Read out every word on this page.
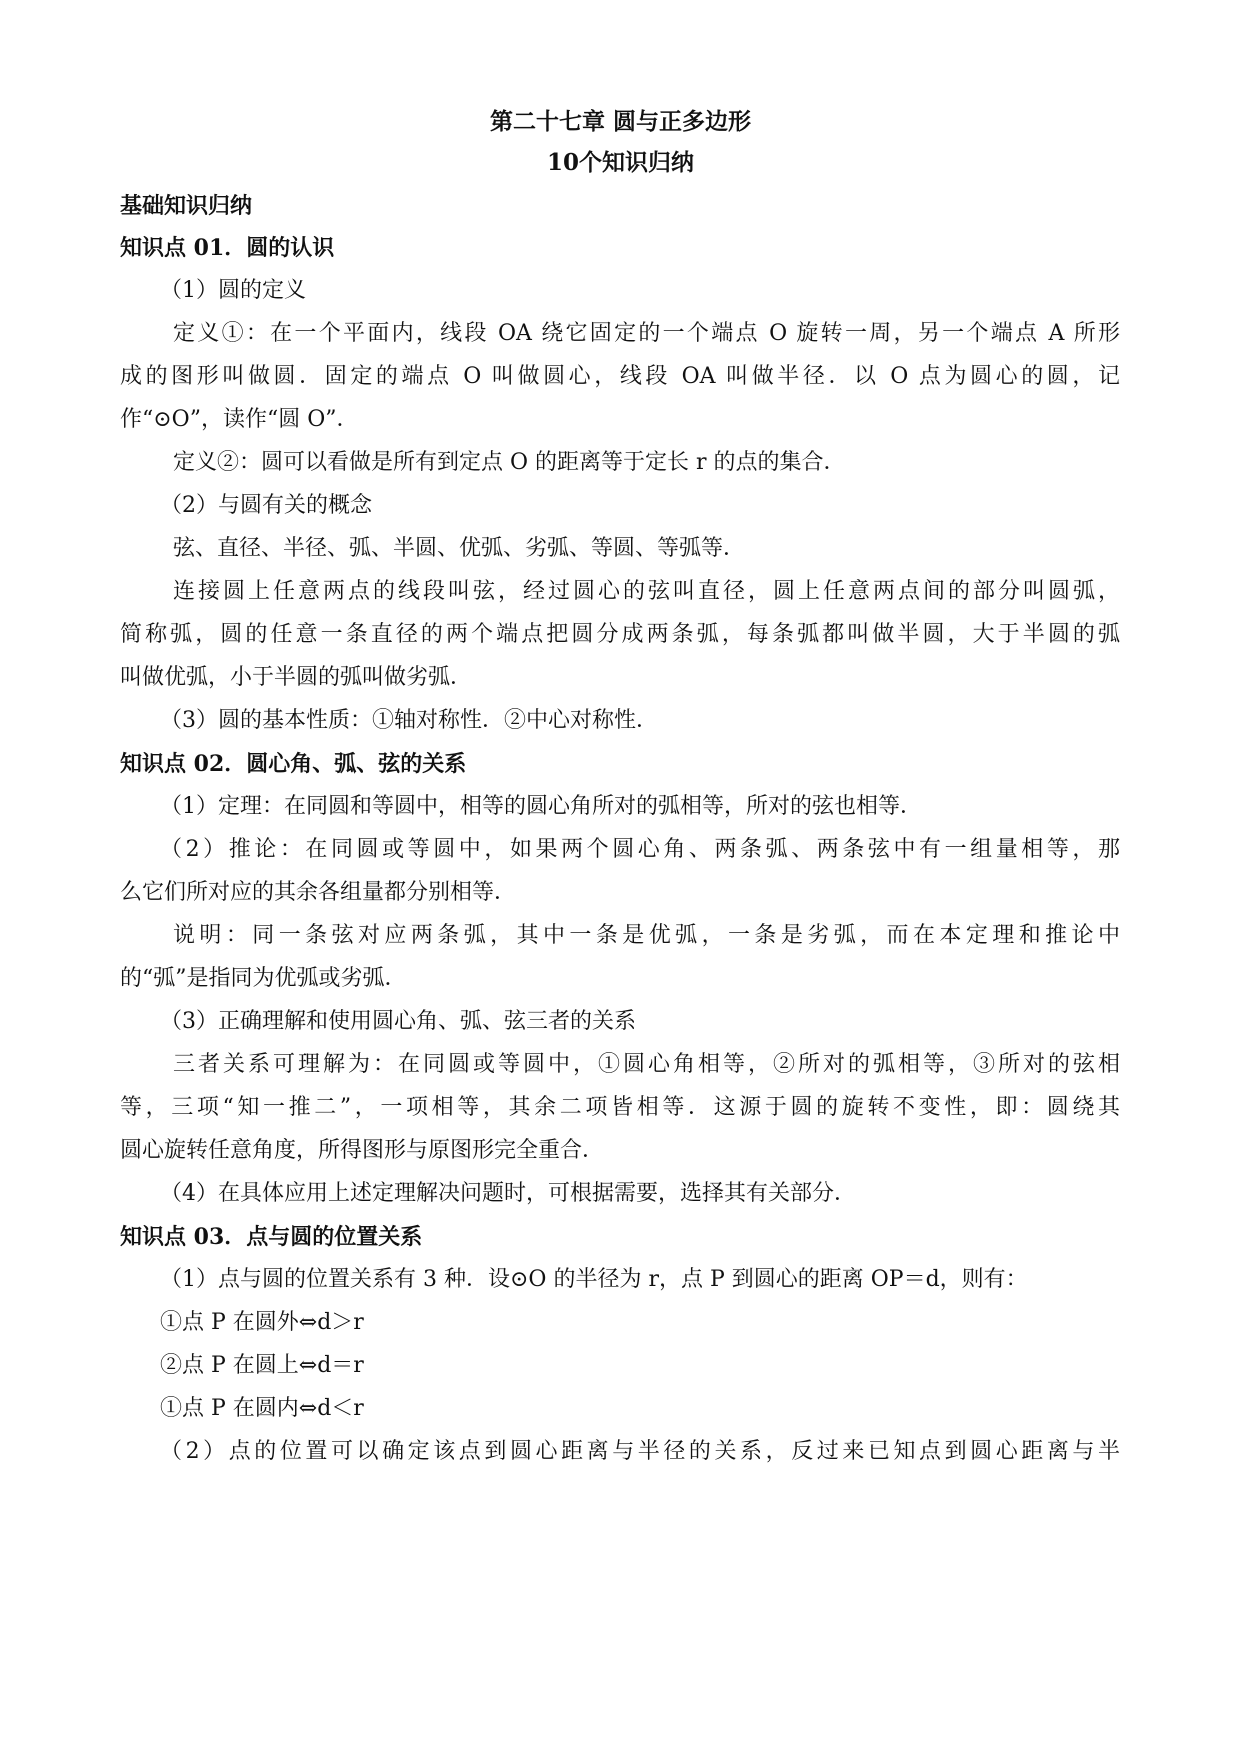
第二十七章 圆与正多边形
10个知识归纳
基础知识归纳
知识点 01．圆的认识
（1）圆的定义
定义①：在一个平面内，线段 OA 绕它固定的一个端点 O 旋转一周，另一个端点 A 所形
成的图形叫做圆．固定的端点 O 叫做圆心，线段 OA 叫做半径．以 O 点为圆心的圆，记
作“⊙O”，读作“圆 O”．
定义②：圆可以看做是所有到定点 O 的距离等于定长 r 的点的集合．
（2）与圆有关的概念
弦、直径、半径、弧、半圆、优弧、劣弧、等圆、等弧等．
连接圆上任意两点的线段叫弦，经过圆心的弦叫直径，圆上任意两点间的部分叫圆弧，
简称弧，圆的任意一条直径的两个端点把圆分成两条弧，每条弧都叫做半圆，大于半圆的弧
叫做优弧，小于半圆的弧叫做劣弧．
（3）圆的基本性质：①轴对称性．②中心对称性．
知识点 02．圆心角、弧、弦的关系
（1）定理：在同圆和等圆中，相等的圆心角所对的弧相等，所对的弦也相等．
（2）推论：在同圆或等圆中，如果两个圆心角、两条弧、两条弦中有一组量相等，那
么它们所对应的其余各组量都分别相等．
说明：同一条弦对应两条弧，其中一条是优弧，一条是劣弧，而在本定理和推论中
的“弧”是指同为优弧或劣弧．
（3）正确理解和使用圆心角、弧、弦三者的关系
三者关系可理解为：在同圆或等圆中，①圆心角相等，②所对的弧相等，③所对的弦相
等，三项“知一推二”，一项相等，其余二项皆相等．这源于圆的旋转不变性，即：圆绕其
圆心旋转任意角度，所得图形与原图形完全重合．
（4）在具体应用上述定理解决问题时，可根据需要，选择其有关部分．
知识点 03．点与圆的位置关系
（1）点与圆的位置关系有 3 种．设⊙O 的半径为 r，点 P 到圆心的距离 OP＝d，则有：
①点 P 在圆外⇔d＞r
②点 P 在圆上⇔d＝r
①点 P 在圆内⇔d＜r
（2）点的位置可以确定该点到圆心距离与半径的关系，反过来已知点到圆心距离与半
